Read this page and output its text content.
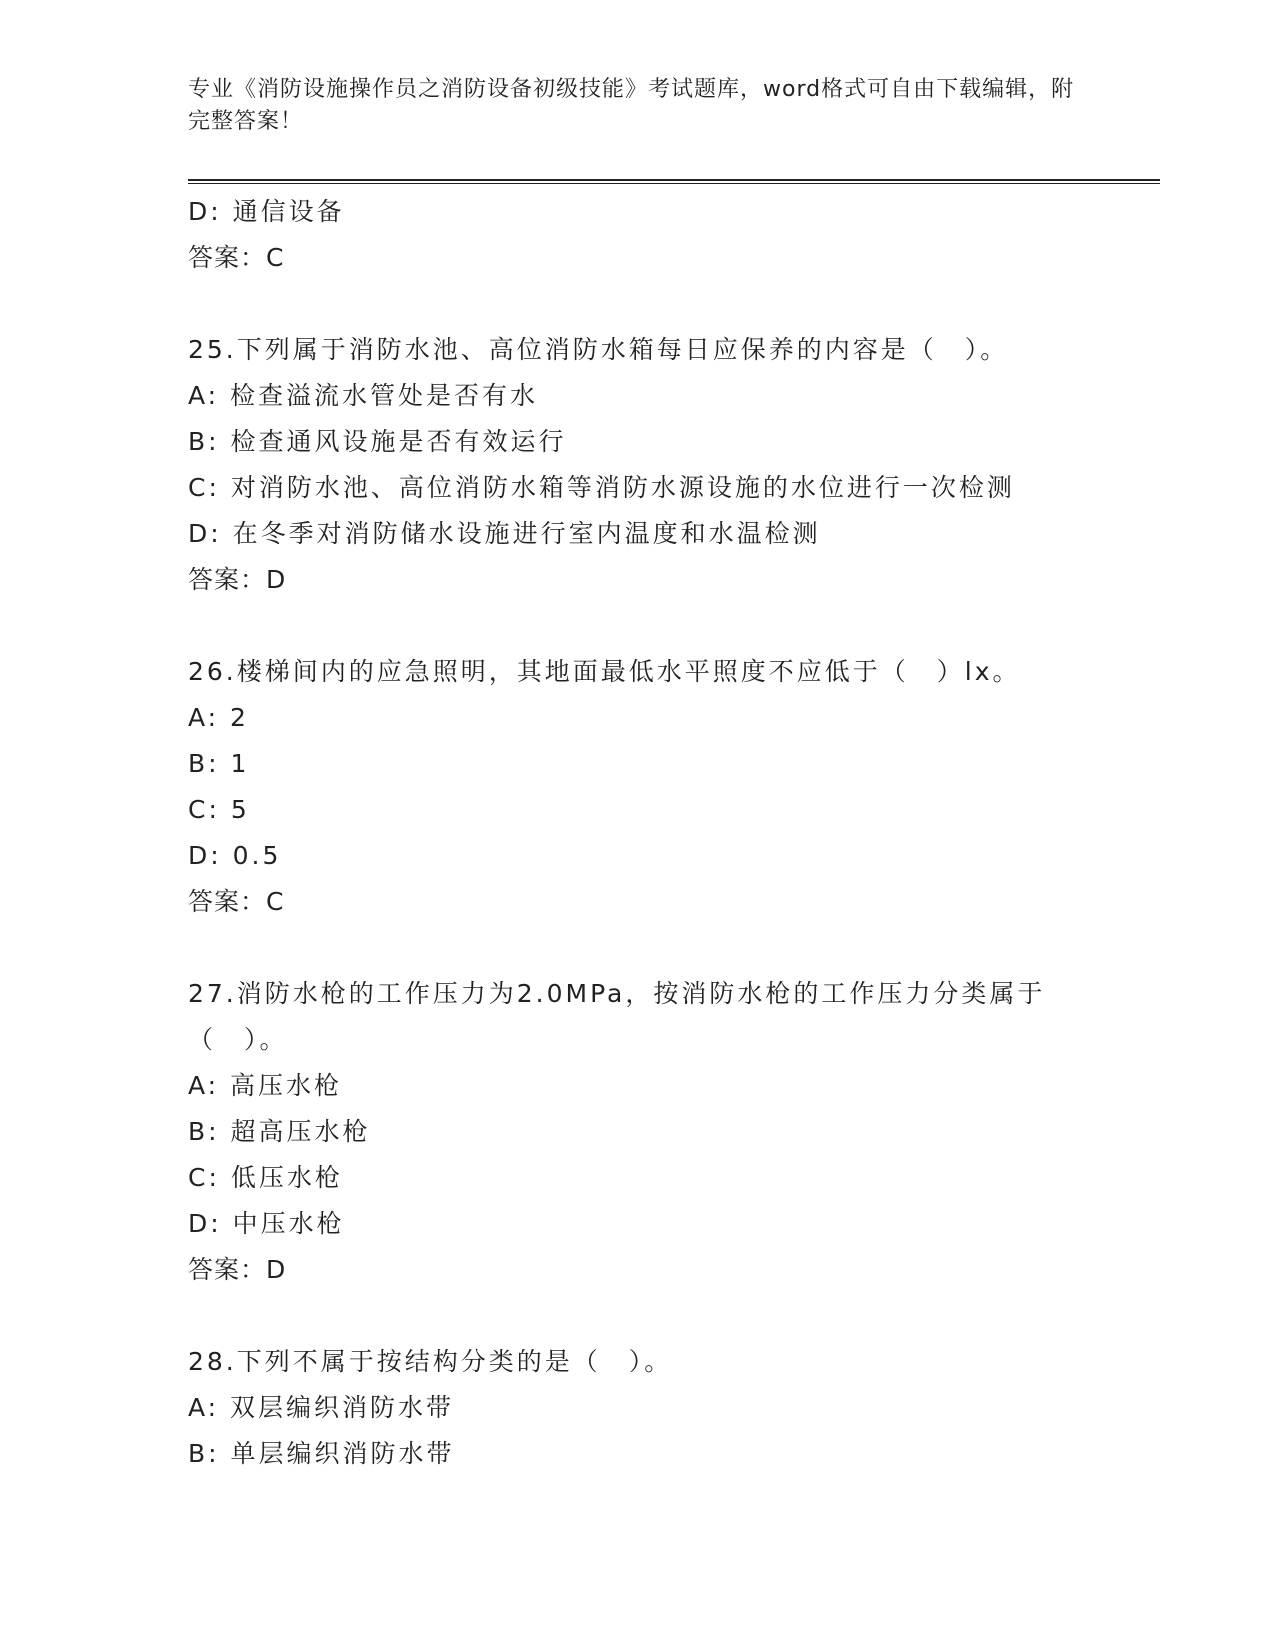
专业《消防设施操作员之消防设备初级技能》考试题库，word格式可自由下载编辑，附完整答案！
D: 通信设备
答案：C
25.下列属于消防水池、高位消防水箱每日应保养的内容是（　）。
A: 检查溢流水管处是否有水
B: 检查通风设施是否有效运行
C: 对消防水池、高位消防水箱等消防水源设施的水位进行一次检测
D: 在冬季对消防储水设施进行室内温度和水温检测
答案：D
26.楼梯间内的应急照明，其地面最低水平照度不应低于（　）lx。
A: 2
B: 1
C: 5
D: 0.5
答案：C
27.消防水枪的工作压力为2.0MPa，按消防水枪的工作压力分类属于（　）。
A: 高压水枪
B: 超高压水枪
C: 低压水枪
D: 中压水枪
答案：D
28.下列不属于按结构分类的是（　）。
A: 双层编织消防水带
B: 单层编织消防水带
